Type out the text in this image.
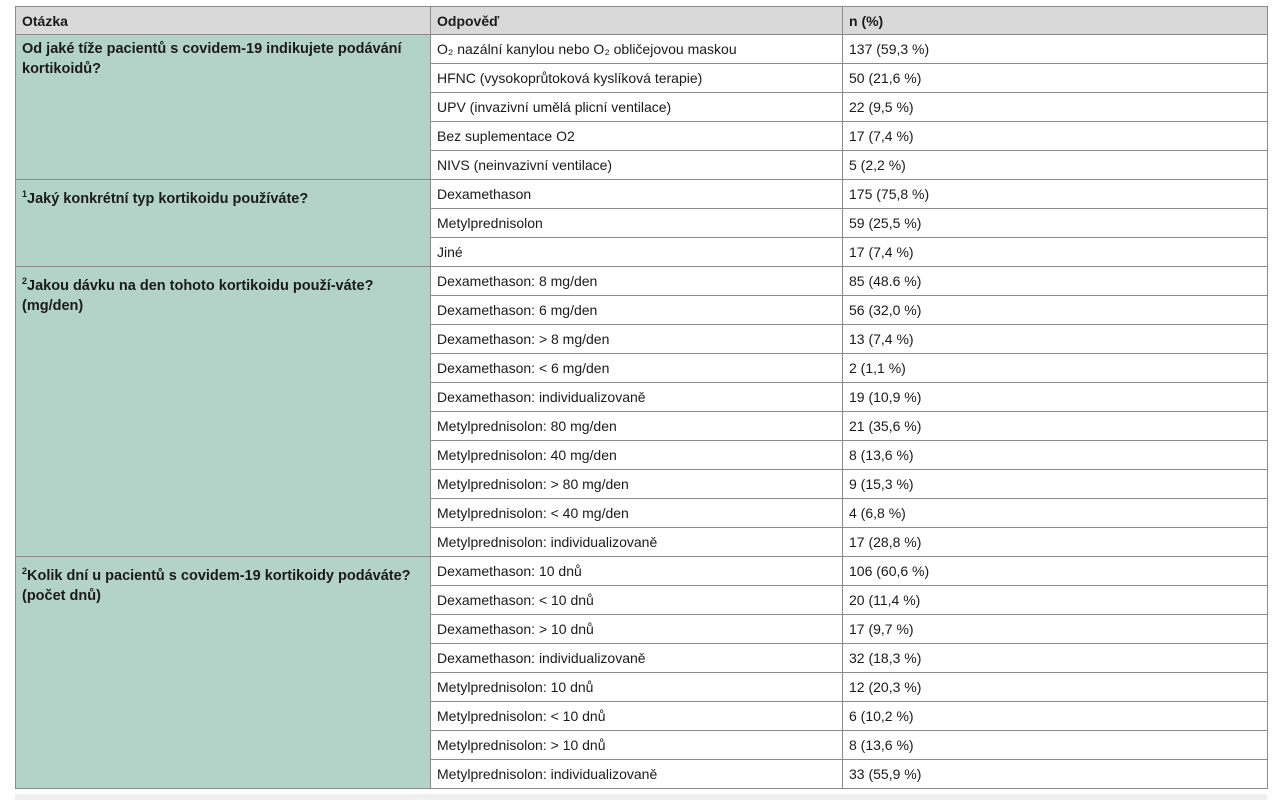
Otázka	Odpověď	n (%)
Od jaké tíže pacientů s covidem-19 indikujete podávání kortikoidů?	O₂ nazální kanylou nebo O₂ obličejovou maskou	137 (59,3 %)
	HFNC (vysokoprůtoková kyslíková terapie)	50 (21,6 %)
	UPV (invazivní umělá plicní ventilace)	22 (9,5 %)
	Bez suplementace O2	17 (7,4 %)
	NIVS (neinvazivní ventilace)	5 (2,2 %)
$^1$Jaký konkrétní typ kortikoidu používáte?	Dexamethason	175 (75,8 %)
	Metylprednisolon	59 (25,5 %)
	Jiné	17 (7,4 %)
$^2$Jakou dávku na den tohoto kortikoidu použí-váte? (mg/den)	Dexamethason: 8 mg/den	85 (48.6 %)
	Dexamethason: 6 mg/den	56 (32,0 %)
	Dexamethason: > 8 mg/den	13 (7,4 %)
	Dexamethason: < 6 mg/den	2 (1,1 %)
	Dexamethason: individualizovaně	19 (10,9 %)
	Metylprednisolon: 80 mg/den	21 (35,6 %)
	Metylprednisolon: 40 mg/den	8 (13,6 %)
	Metylprednisolon: > 80 mg/den	9 (15,3 %)
	Metylprednisolon: < 40 mg/den	4 (6,8 %)
	Metylprednisolon: individualizovaně	17 (28,8 %)
$^2$Kolik dní u pacientů s covidem-19 kortikoidy podáváte? (počet dnů)	Dexamethason: 10 dnů	106 (60,6 %)
	Dexamethason: < 10 dnů	20 (11,4 %)
	Dexamethason: > 10 dnů	17 (9,7 %)
	Dexamethason: individualizovaně	32 (18,3 %)
	Metylprednisolon: 10 dnů	12 (20,3 %)
	Metylprednisolon: < 10 dnů	6 (10,2 %)
	Metylprednisolon: > 10 dnů	8 (13,6 %)
	Metylprednisolon: individualizovaně	33 (55,9 %)
